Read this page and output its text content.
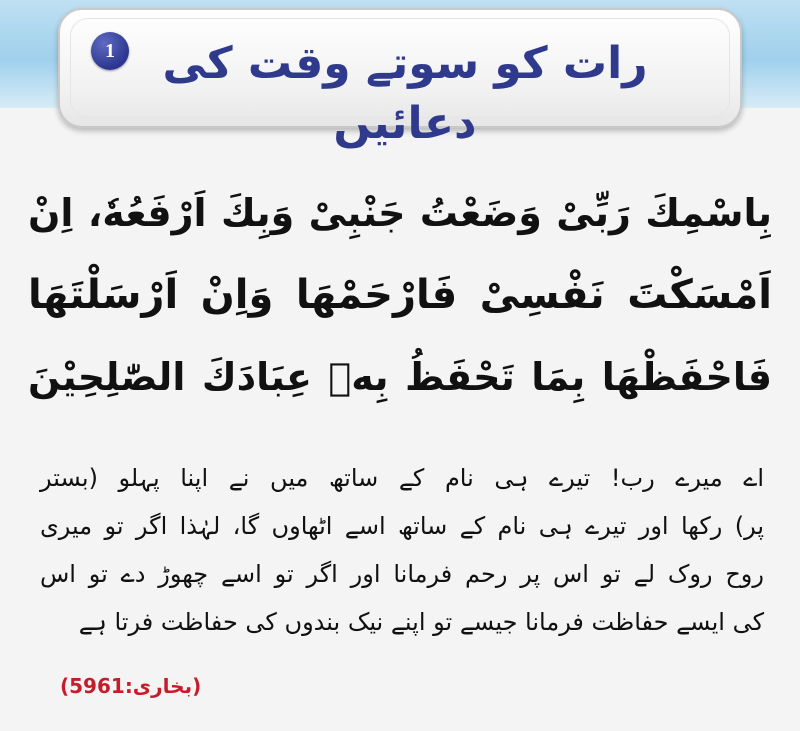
1	رات کو سوتے وقت کی دعائیں
بِاسْمِكَ رَبِّىْ وَضَعْتُ جَنْبِىْ وَبِكَ اَرْفَعُهٗ، اِنْ
اَمْسَكْتَ نَفْسِىْ فَارْحَمْهَا وَاِنْ اَرْسَلْتَهَا
فَاحْفَظْهَا بِمَا تَحْفَظُ بِهٖ عِبَادَكَ الصّٰلِحِيْنَ
اے میرے رب! تیرے ہی نام کے ساتھ میں نے اپنا پہلو (بستر
پر) رکھا اور تیرے ہی نام کے ساتھ اسے اٹھاوں گا، لہٰذا اگر تو میری
روح روک لے تو اس پر رحم فرمانا اور اگر تو اسے چھوڑ دے تو اس
کی ایسے حفاظت فرمانا جیسے تو اپنے نیک بندوں کی حفاظت فرتا ہے
(بخاری:5961)
